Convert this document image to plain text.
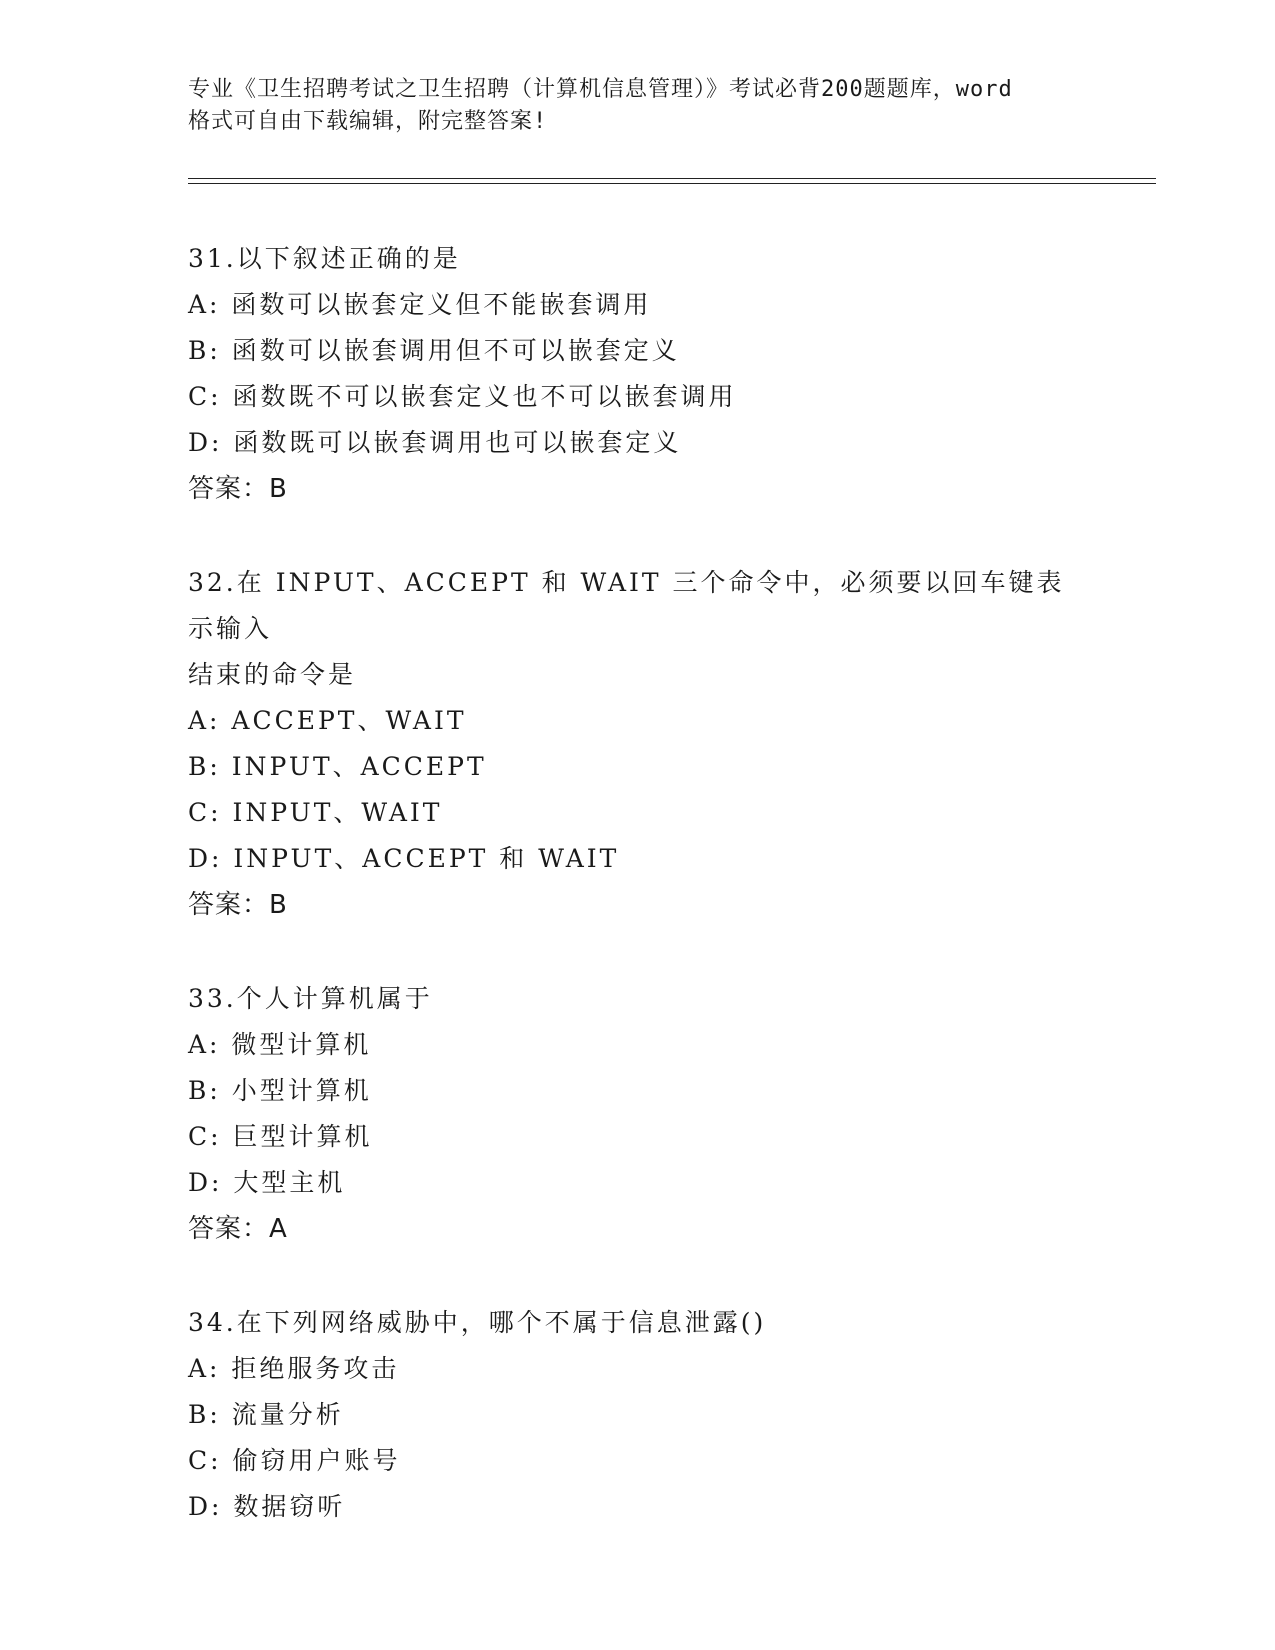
专业《卫生招聘考试之卫生招聘（计算机信息管理）》考试必背200题题库，word
格式可自由下载编辑，附完整答案!
31.以下叙述正确的是
A: 函数可以嵌套定义但不能嵌套调用
B: 函数可以嵌套调用但不可以嵌套定义
C: 函数既不可以嵌套定义也不可以嵌套调用
D: 函数既可以嵌套调用也可以嵌套定义
答案：B
32.在 INPUT、ACCEPT 和 WAIT 三个命令中，必须要以回车键表示输入
结束的命令是
A: ACCEPT、WAIT
B: INPUT、ACCEPT
C: INPUT、WAIT
D: INPUT、ACCEPT 和 WAIT
答案：B
33.个人计算机属于
A: 微型计算机
B: 小型计算机
C: 巨型计算机
D: 大型主机
答案：A
34.在下列网络威胁中，哪个不属于信息泄露()
A: 拒绝服务攻击
B: 流量分析
C: 偷窃用户账号
D: 数据窃听
